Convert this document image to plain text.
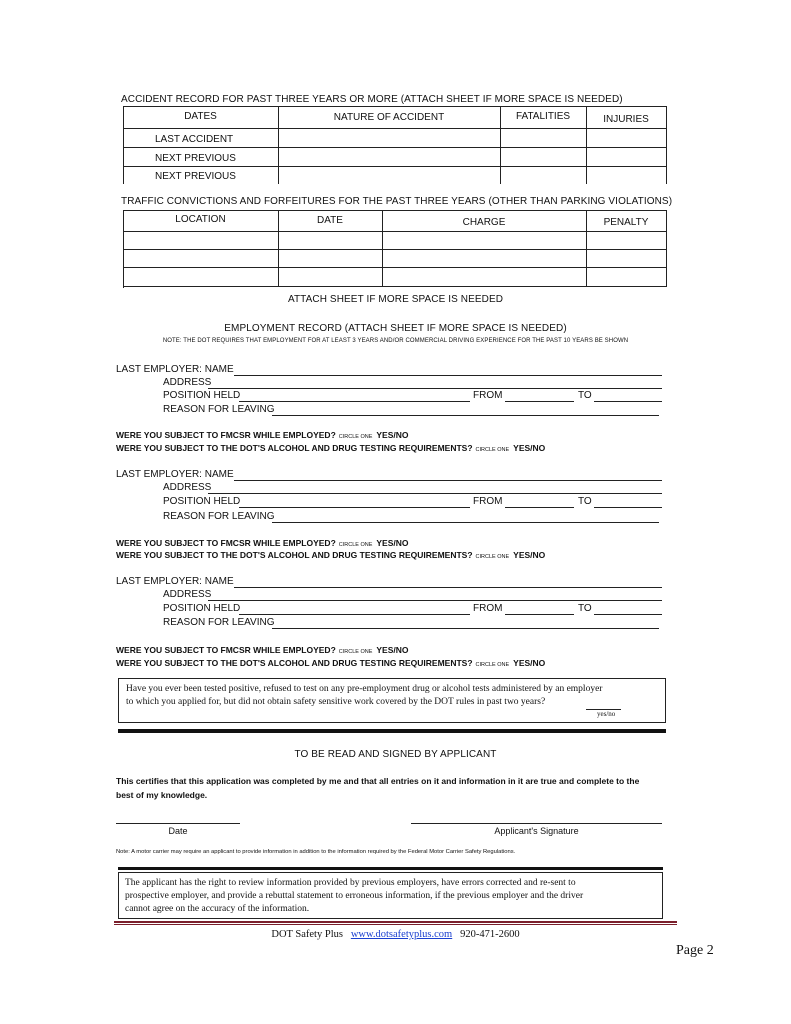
ACCIDENT RECORD FOR PAST THREE YEARS OR MORE (ATTACH SHEET IF MORE SPACE IS NEEDED)
DATES	NATURE OF ACCIDENT	FATALITIES	INJURIES
LAST ACCIDENT
NEXT PREVIOUS
NEXT PREVIOUS
TRAFFIC CONVICTIONS AND FORFEITURES FOR THE PAST THREE YEARS (OTHER THAN PARKING VIOLATIONS)
LOCATION	DATE	CHARGE	PENALTY
ATTACH SHEET IF MORE SPACE IS NEEDED
EMPLOYMENT RECORD (ATTACH SHEET IF MORE SPACE IS NEEDED)
NOTE: THE DOT REQUIRES THAT EMPLOYMENT FOR AT LEAST 3 YEARS AND/OR COMMERCIAL DRIVING EXPERIENCE FOR THE PAST 10 YEARS BE SHOWN
LAST EMPLOYER: NAME
ADDRESS
POSITION HELD	FROM	TO
REASON FOR LEAVING
WERE YOU SUBJECT TO FMCSR WHILE EMPLOYED? CIRCLE ONE YES/NO
WERE YOU SUBJECT TO THE DOT'S ALCOHOL AND DRUG TESTING REQUIREMENTS? CIRCLE ONE YES/NO
LAST EMPLOYER: NAME
ADDRESS
POSITION HELD	FROM	TO
REASON FOR LEAVING
WERE YOU SUBJECT TO FMCSR WHILE EMPLOYED? CIRCLE ONE YES/NO
WERE YOU SUBJECT TO THE DOT'S ALCOHOL AND DRUG TESTING REQUIREMENTS? CIRCLE ONE YES/NO
LAST EMPLOYER: NAME
ADDRESS
POSITION HELD	FROM	TO
REASON FOR LEAVING
WERE YOU SUBJECT TO FMCSR WHILE EMPLOYED? CIRCLE ONE YES/NO
WERE YOU SUBJECT TO THE DOT'S ALCOHOL AND DRUG TESTING REQUIREMENTS? CIRCLE ONE YES/NO
Have you ever been tested positive, refused to test on any pre-employment drug or alcohol tests administered by an employer
to which you applied for, but did not obtain safety sensitive work covered by the DOT rules in past two years?
yes/no
TO BE READ AND SIGNED BY APPLICANT
This certifies that this application was completed by me and that all entries on it and information in it are true and complete to the
best of my knowledge.
Date	Applicant's Signature
Note: A motor carrier may require an applicant to provide information in addition to the information required by the Federal Motor Carrier Safety Regulations.
The applicant has the right to review information provided by previous employers, have errors corrected and re-sent to
prospective employer, and provide a rebuttal statement to erroneous information, if the previous employer and the driver
cannot agree on the accuracy of the information.
DOT Safety Plus www.dotsafetyplus.com 920-471-2600
Page 2
